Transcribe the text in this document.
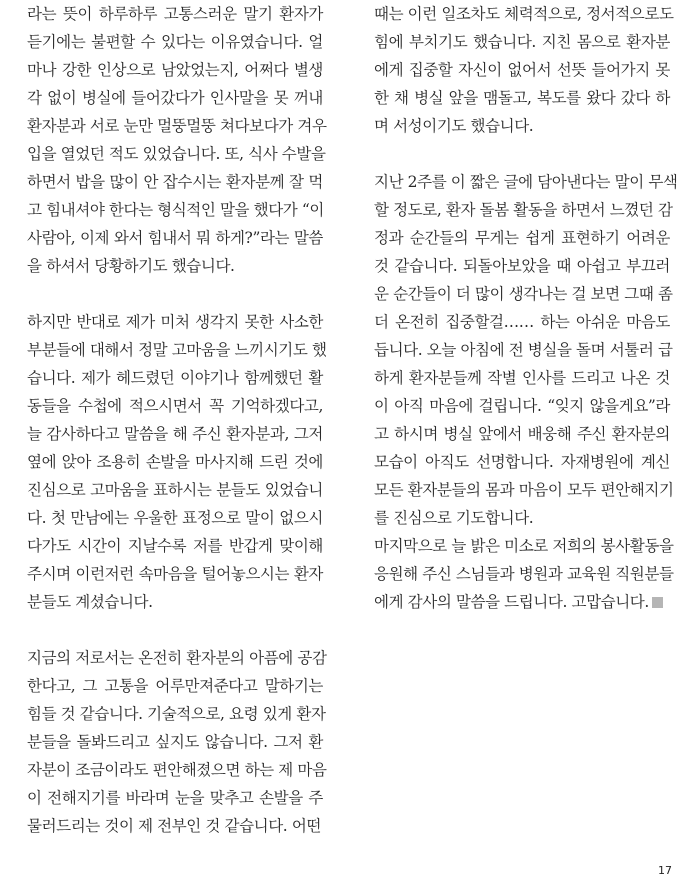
라는 뜻이 하루하루 고통스러운 말기 환자가
듣기에는 불편할 수 있다는 이유였습니다. 얼
마나 강한 인상으로 남았었는지, 어쩌다 별생
각 없이 병실에 들어갔다가 인사말을 못 꺼내
환자분과 서로 눈만 멀뚱멀뚱 쳐다보다가 겨우
입을 열었던 적도 있었습니다. 또, 식사 수발을
하면서 밥을 많이 안 잡수시는 환자분께 잘 먹
고 힘내셔야 한다는 형식적인 말을 했다가 “이
사람아, 이제 와서 힘내서 뭐 하게?”라는 말씀
을 하셔서 당황하기도 했습니다.
하지만 반대로 제가 미처 생각지 못한 사소한
부분들에 대해서 정말 고마움을 느끼시기도 했
습니다. 제가 헤드렸던 이야기나 함께했던 활
동들을 수첩에 적으시면서 꼭 기억하겠다고,
늘 감사하다고 말씀을 해 주신 환자분과, 그저
옆에 앉아 조용히 손발을 마사지해 드린 것에
진심으로 고마움을 표하시는 분들도 있었습니
다. 첫 만남에는 우울한 표정으로 말이 없으시
다가도 시간이 지날수록 저를 반갑게 맞이해
주시며 이런저런 속마음을 털어놓으시는 환자
분들도 계셨습니다.
지금의 저로서는 온전히 환자분의 아픔에 공감
한다고, 그 고통을 어루만져준다고 말하기는
힘들 것 같습니다. 기술적으로, 요령 있게 환자
분들을 돌봐드리고 싶지도 않습니다. 그저 환
자분이 조금이라도 편안해졌으면 하는 제 마음
이 전해지기를 바라며 눈을 맞추고 손발을 주
물러드리는 것이 제 전부인 것 같습니다. 어떤
때는 이런 일조차도 체력적으로, 정서적으로도
힘에 부치기도 했습니다. 지친 몸으로 환자분
에게 집중할 자신이 없어서 선뜻 들어가지 못
한 채 병실 앞을 맴돌고, 복도를 왔다 갔다 하
며 서성이기도 했습니다.
지난 2주를 이 짧은 글에 담아낸다는 말이 무색
할 정도로, 환자 돌봄 활동을 하면서 느꼈던 감
정과 순간들의 무게는 쉽게 표현하기 어려운
것 같습니다. 되돌아보았을 때 아쉽고 부끄러
운 순간들이 더 많이 생각나는 걸 보면 그때 좀
더 온전히 집중할걸…… 하는 아쉬운 마음도
듭니다. 오늘 아침에 전 병실을 돌며 서툴러 급
하게 환자분들께 작별 인사를 드리고 나온 것
이 아직 마음에 걸립니다. “잊지 않을게요”라
고 하시며 병실 앞에서 배웅해 주신 환자분의
모습이 아직도 선명합니다. 자재병원에 계신
모든 환자분들의 몸과 마음이 모두 편안해지기
를 진심으로 기도합니다.
마지막으로 늘 밝은 미소로 저희의 봉사활동을
응원해 주신 스님들과 병원과 교육원 직원분들
에게 감사의 말씀을 드립니다. 고맙습니다.
17
